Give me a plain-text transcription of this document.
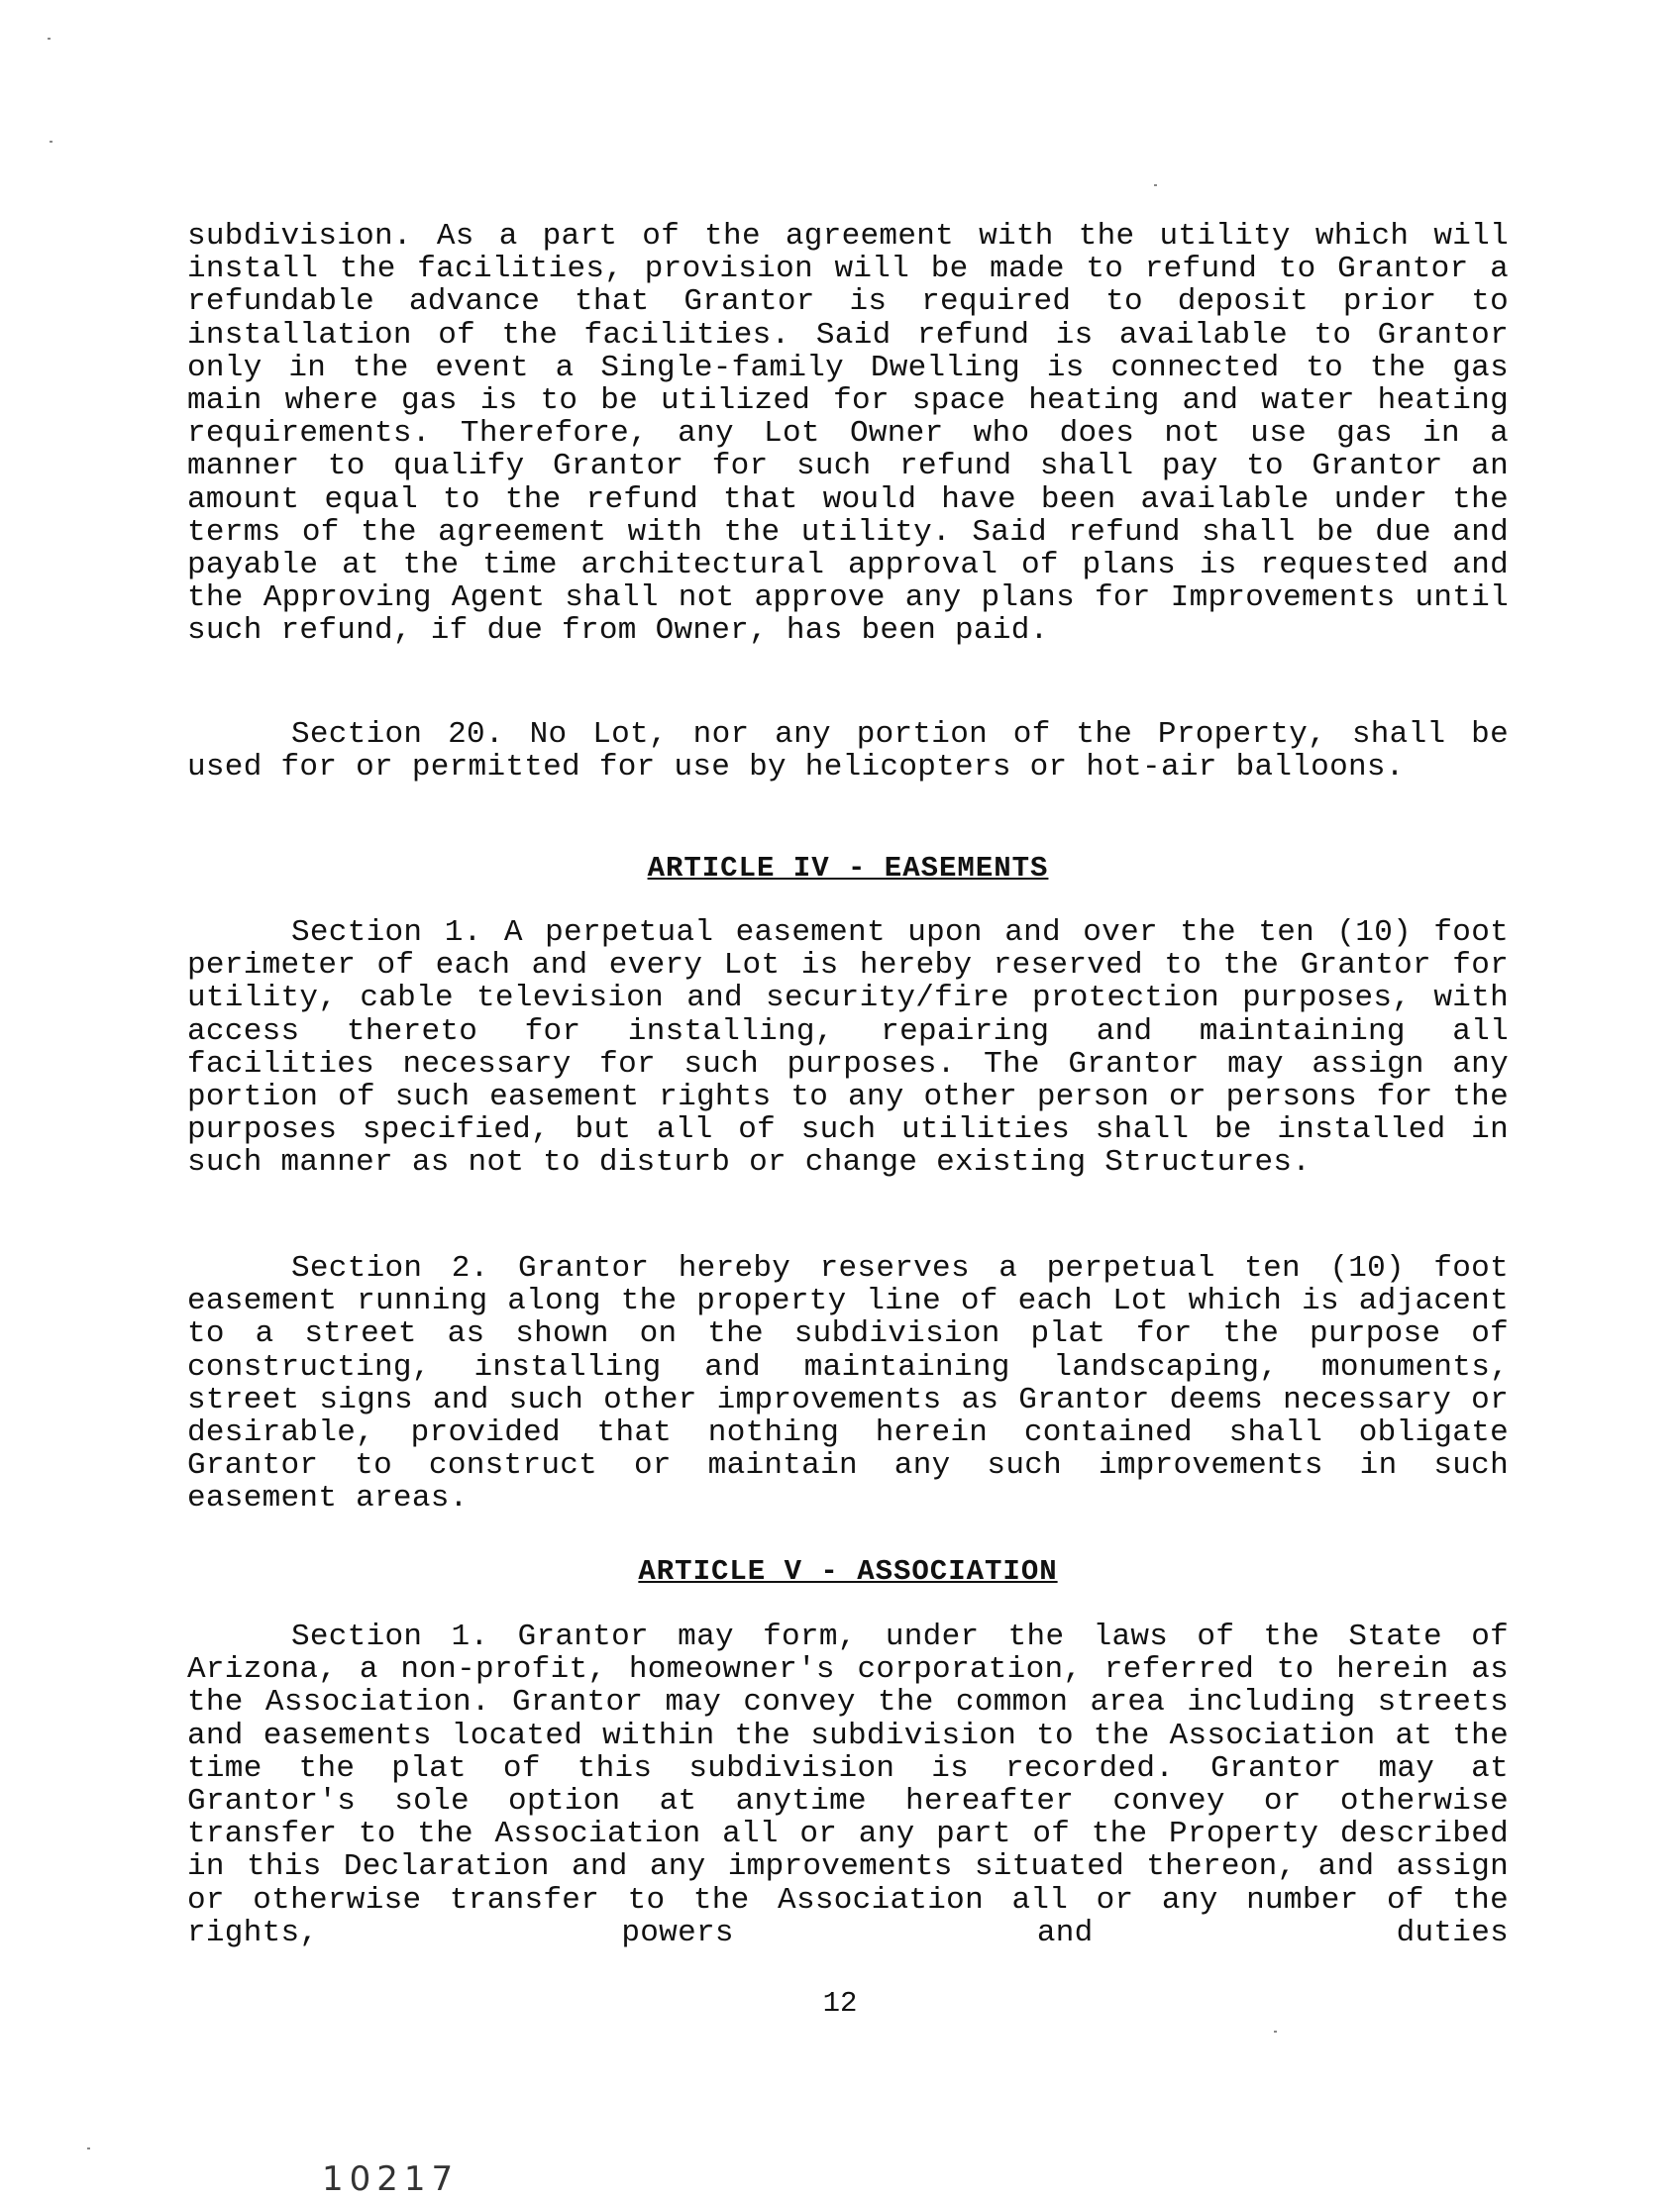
subdivision. As a part of the agreement with the utility which will install the facilities, provision will be made to refund to Grantor a refundable advance that Grantor is required to deposit prior to installation of the facilities. Said refund is available to Grantor only in the event a Single-family Dwelling is connected to the gas main where gas is to be utilized for space heating and water heating requirements. Therefore, any Lot Owner who does not use gas in a manner to qualify Grantor for such refund shall pay to Grantor an amount equal to the refund that would have been available under the terms of the agreement with the utility. Said refund shall be due and payable at the time architectural approval of plans is requested and the Approving Agent shall not approve any plans for Improvements until such refund, if due from Owner, has been paid.

Section 20. No Lot, nor any portion of the Property, shall be used for or permitted for use by helicopters or hot-air balloons.

ARTICLE IV - EASEMENTS

Section 1. A perpetual easement upon and over the ten (10) foot perimeter of each and every Lot is hereby reserved to the Grantor for utility, cable television and security/fire protection purposes, with access thereto for installing, repairing and maintaining all facilities necessary for such purposes. The Grantor may assign any portion of such easement rights to any other person or persons for the purposes specified, but all of such utilities shall be installed in such manner as not to disturb or change existing Structures.

Section 2. Grantor hereby reserves a perpetual ten (10) foot easement running along the property line of each Lot which is adjacent to a street as shown on the subdivision plat for the purpose of constructing, installing and maintaining landscaping, monuments, street signs and such other improvements as Grantor deems necessary or desirable, provided that nothing herein contained shall obligate Grantor to construct or maintain any such improvements in such easement areas.

ARTICLE V - ASSOCIATION

Section 1. Grantor may form, under the laws of the State of Arizona, a non-profit, homeowner's corporation, referred to herein as the Association. Grantor may convey the common area including streets and easements located within the subdivision to the Association at the time the plat of this subdivision is recorded. Grantor may at Grantor's sole option at anytime hereafter convey or otherwise transfer to the Association all or any part of the Property described in this Declaration and any improvements situated thereon, and assign or otherwise transfer to the Association all or any number of the rights, powers and duties

12
10217
